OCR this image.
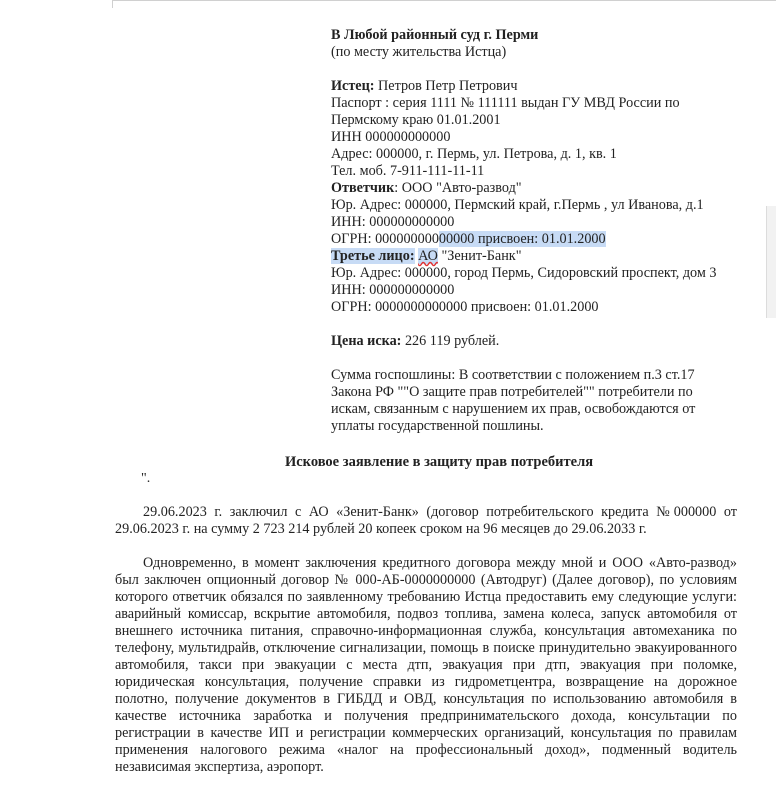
В Любой районный суд г. Перми
(по месту жительства Истца)
Истец: Петров Петр Петрович
Паспорт : серия 1111 № 111111 выдан ГУ МВД России по
Пермскому краю 01.01.2001
ИНН 000000000000
Адрес: 000000, г. Пермь, ул. Петрова, д. 1, кв. 1
Тел. моб. 7-911-111-11-11
Ответчик: ООО "Авто-развод"
Юр. Адрес: 000000, Пермский край, г.Пермь , ул Иванова, д.1
ИНН: 000000000000
ОГРН: 00000000000000 присвоен: 01.01.2000
Третье лицо: АО "Зенит-Банк"
Юр. Адрес: 000000, город Пермь, Сидоровский проспект, дом 3
ИНН: 000000000000
ОГРН: 0000000000000 присвоен: 01.01.2000
Цена иска: 226 119 рублей.
Сумма госпошлины: В соответствии с положением п.3 ст.17
Закона РФ ""О защите прав потребителей"" потребители по
искам, связанным с нарушением их прав, освобождаются от
уплаты государственной пошлины.
Исковое заявление в защиту прав потребителя
".
29.06.2023 г. заключил с АО «Зенит-Банк» (договор потребительского кредита №000000 от 29.06.2023 г. на сумму 2 723 214 рублей 20 копеек сроком на 96 месяцев до 29.06.2033 г.
Одновременно, в момент заключения кредитного договора между мной и ООО «Авто-развод» был заключен опционный договор № 000-АБ-0000000000 (Автодруг) (Далее договор), по условиям которого ответчик обязался по заявленному требованию Истца предоставить ему следующие услуги: аварийный комиссар, вскрытие автомобиля, подвоз топлива, замена колеса, запуск автомобиля от внешнего источника питания, справочно-информационная служба, консультация автомеханика по телефону, мультидрайв, отключение сигнализации, помощь в поиске принудительно эвакуированного автомобиля, такси при эвакуации с места дтп, эвакуация при дтп, эвакуация при поломке, юридическая консультация, получение справки из гидрометцентра, возвращение на дорожное полотно, получение документов в ГИБДД и ОВД, консультация по использованию автомобиля в качестве источника заработка и получения предпринимательского дохода, консультации по регистрации в качестве ИП и регистрации коммерческих организаций, консультация по правилам применения налогового режима «налог на профессиональный доход», подменный водитель независимая экспертиза, аэропорт.
